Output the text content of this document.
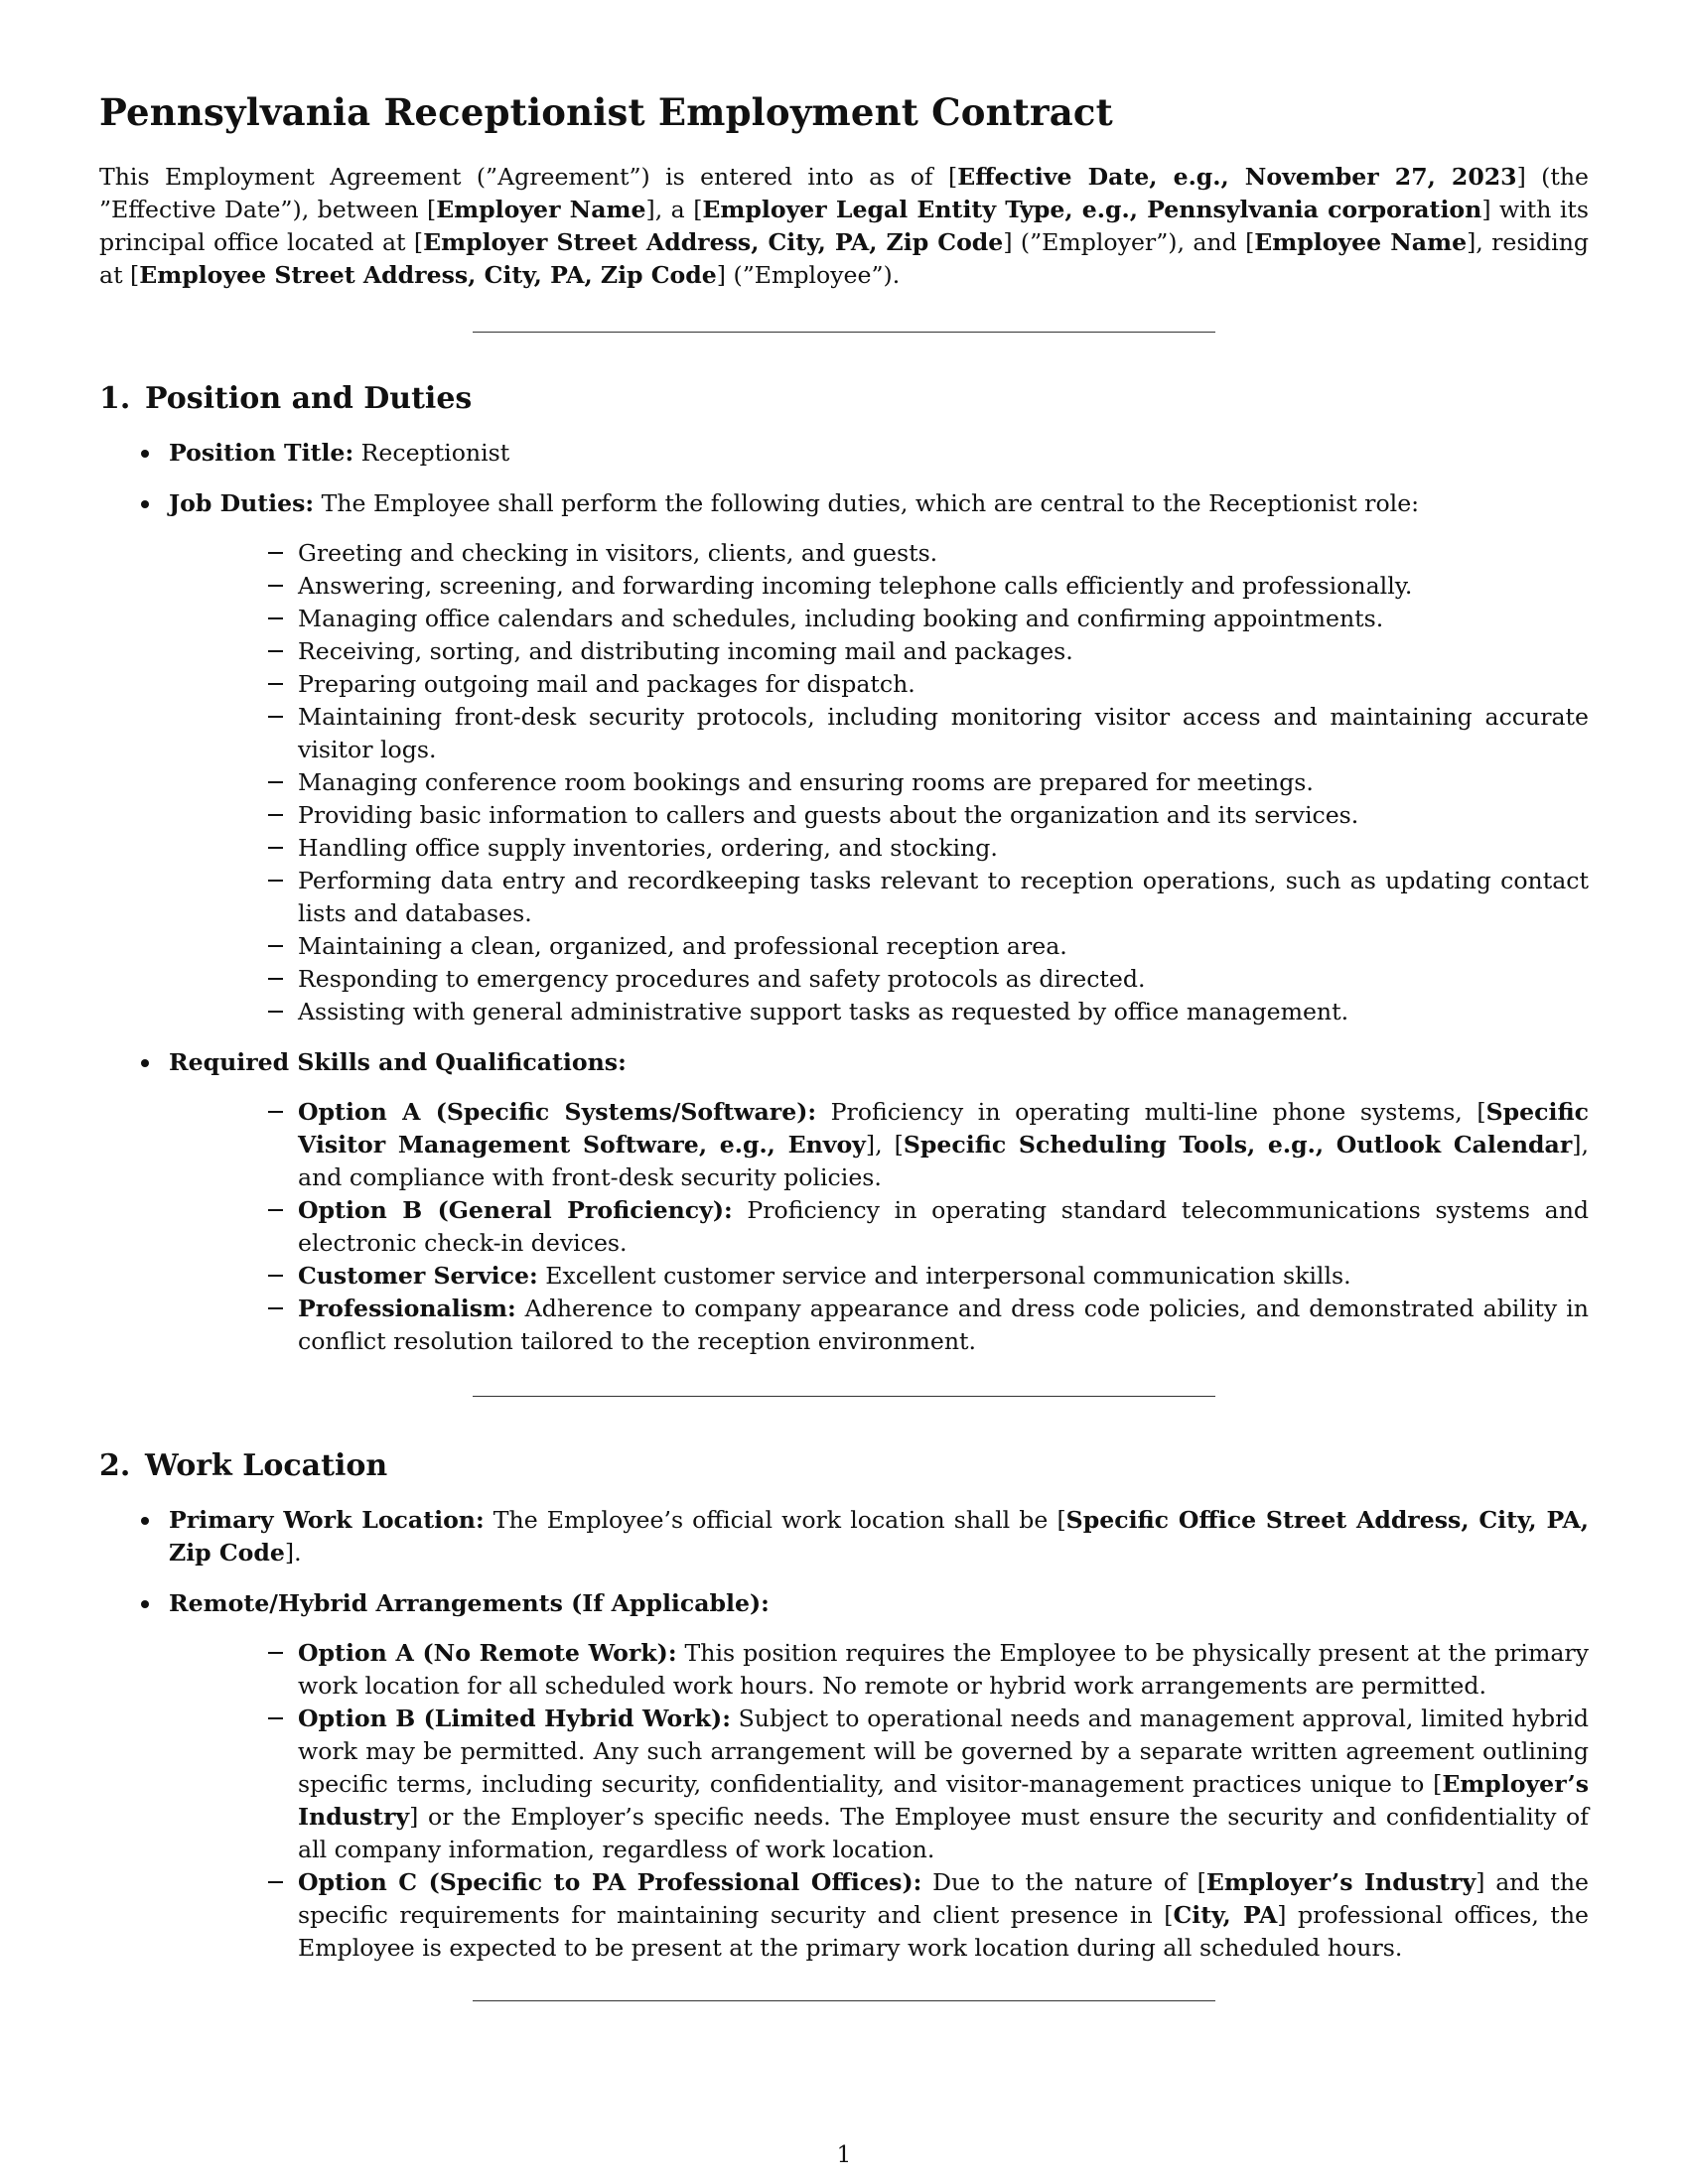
Pennsylvania Receptionist Employment Contract

This Employment Agreement (”Agreement”) is entered into as of [Effective Date, e.g., November 27, 2023] (the ”Effective Date”), between [Employer Name], a [Employer Legal Entity Type, e.g., Pennsylvania corporation] with its principal office located at [Employer Street Address, City, PA, Zip Code] (”Employer”), and [Employee Name], residing at [Employee Street Address, City, PA, Zip Code] (”Employee”).

1. Position and Duties
Position Title: Receptionist
Job Duties: The Employee shall perform the following duties, which are central to the Receptionist role:
Greeting and checking in visitors, clients, and guests.
Answering, screening, and forwarding incoming telephone calls efficiently and professionally.
Managing office calendars and schedules, including booking and confirming appointments.
Receiving, sorting, and distributing incoming mail and packages.
Preparing outgoing mail and packages for dispatch.
Maintaining front-desk security protocols, including monitoring visitor access and maintaining accurate visitor logs.
Managing conference room bookings and ensuring rooms are prepared for meetings.
Providing basic information to callers and guests about the organization and its services.
Handling office supply inventories, ordering, and stocking.
Performing data entry and recordkeeping tasks relevant to reception operations, such as updating contact lists and databases.
Maintaining a clean, organized, and professional reception area.
Responding to emergency procedures and safety protocols as directed.
Assisting with general administrative support tasks as requested by office management.
Required Skills and Qualifications:
Option A (Specific Systems/Software): Proficiency in operating multi-line phone systems, [Specific Visitor Management Software, e.g., Envoy], [Specific Scheduling Tools, e.g., Outlook Calendar], and compliance with front-desk security policies.
Option B (General Proficiency): Proficiency in operating standard telecommunications systems and electronic check-in devices.
Customer Service: Excellent customer service and interpersonal communication skills.
Professionalism: Adherence to company appearance and dress code policies, and demonstrated ability in conflict resolution tailored to the reception environment.
2. Work Location
Primary Work Location: The Employee’s official work location shall be [Specific Office Street Address, City, PA, Zip Code].
Remote/Hybrid Arrangements (If Applicable):
Option A (No Remote Work): This position requires the Employee to be physically present at the primary work location for all scheduled work hours. No remote or hybrid work arrangements are permitted.
Option B (Limited Hybrid Work): Subject to operational needs and management approval, limited hybrid work may be permitted. Any such arrangement will be governed by a separate written agreement outlining specific terms, including security, confidentiality, and visitor-management practices unique to [Employer’s Industry] or the Employer’s specific needs. The Employee must ensure the security and confidentiality of all company information, regardless of work location.
Option C (Specific to PA Professional Offices): Due to the nature of [Employer’s Industry] and the specific requirements for maintaining security and client presence in [City, PA] professional offices, the Employee is expected to be present at the primary work location during all scheduled hours.
1
